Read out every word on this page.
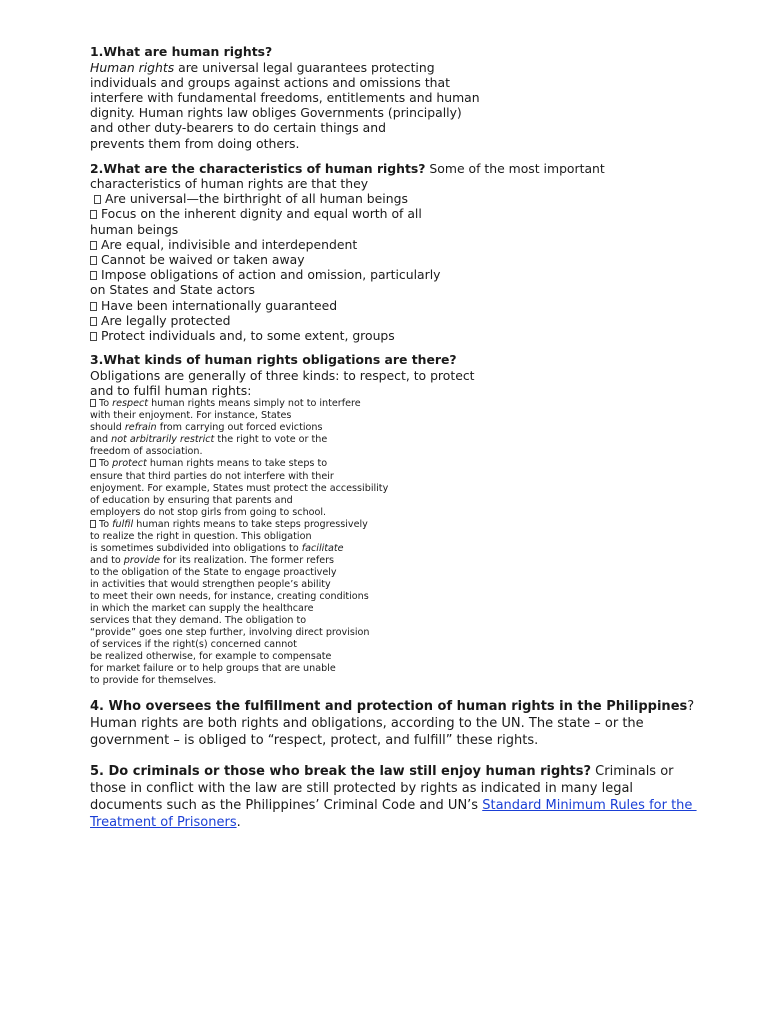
1.What are human rights?
Human rights are universal legal guarantees protecting
individuals and groups against actions and omissions that
interfere with fundamental freedoms, entitlements and human
dignity. Human rights law obliges Governments (principally)
and other duty-bearers to do certain things and
prevents them from doing others.
2.What are the characteristics of human rights? Some of the most important
characteristics of human rights are that they
Are universal—the birthright of all human beings
Focus on the inherent dignity and equal worth of all
human beings
Are equal, indivisible and interdependent
Cannot be waived or taken away
Impose obligations of action and omission, particularly
on States and State actors
Have been internationally guaranteed
Are legally protected
Protect individuals and, to some extent, groups
3.What kinds of human rights obligations are there?
Obligations are generally of three kinds: to respect, to protect
and to fulfil human rights:
To respect human rights means simply not to interfere
with their enjoyment. For instance, States
should refrain from carrying out forced evictions
and not arbitrarily restrict the right to vote or the
freedom of association.
To protect human rights means to take steps to
ensure that third parties do not interfere with their
enjoyment. For example, States must protect the accessibility
of education by ensuring that parents and
employers do not stop girls from going to school.
To fulfil human rights means to take steps progressively
to realize the right in question. This obligation
is sometimes subdivided into obligations to facilitate
and to provide for its realization. The former refers
to the obligation of the State to engage proactively
in activities that would strengthen people’s ability
to meet their own needs, for instance, creating conditions
in which the market can supply the healthcare
services that they demand. The obligation to
“provide” goes one step further, involving direct provision
of services if the right(s) concerned cannot
be realized otherwise, for example to compensate
for market failure or to help groups that are unable
to provide for themselves.
4. Who oversees the fulfillment and protection of human rights in the Philippines?
Human rights are both rights and obligations, according to the UN. The state – or the
government – is obliged to “respect, protect, and fulfill” these rights.
5. Do criminals or those who break the law still enjoy human rights? Criminals or
those in conflict with the law are still protected by rights as indicated in many legal
documents such as the Philippines’ Criminal Code and UN’s Standard Minimum Rules for the
Treatment of Prisoners.
